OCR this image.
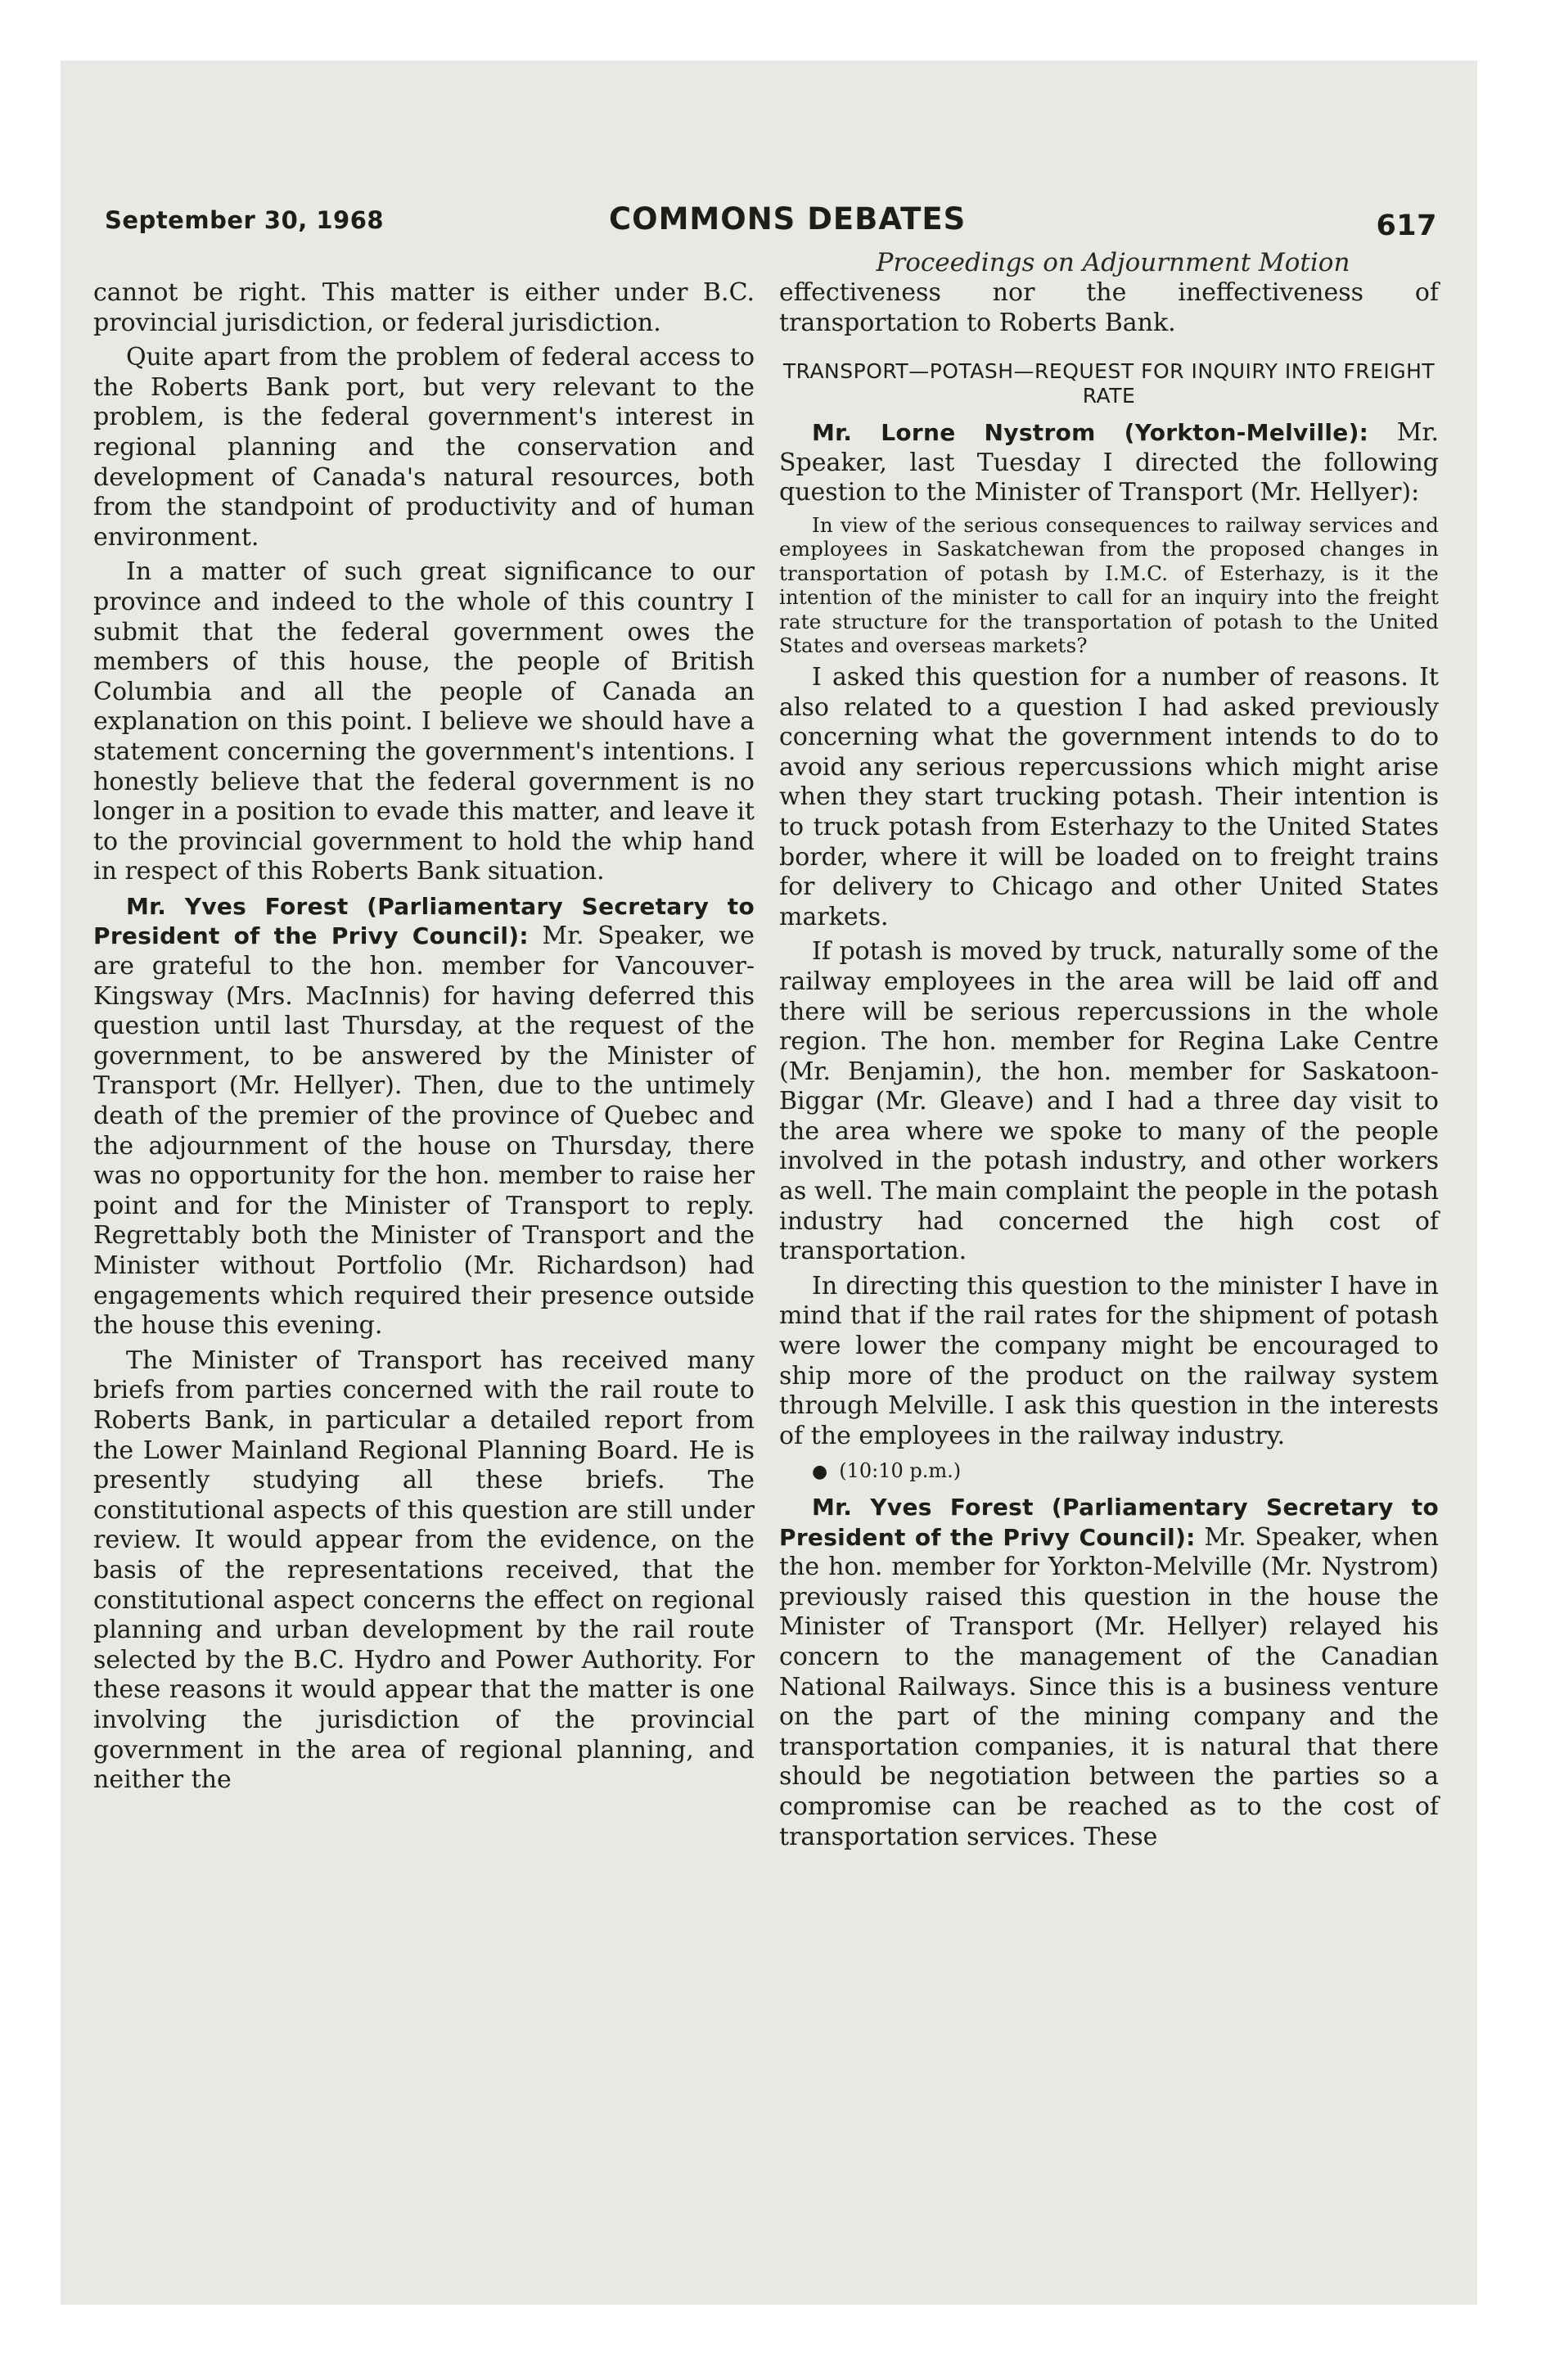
September 30, 1968	COMMONS DEBATES	617
Proceedings on Adjournment Motion

cannot be right. This matter is either under B.C. provincial jurisdiction, or federal jurisdiction.

Quite apart from the problem of federal access to the Roberts Bank port, but very relevant to the problem, is the federal government's interest in regional planning and the conservation and development of Canada's natural resources, both from the standpoint of productivity and of human environment.

In a matter of such great significance to our province and indeed to the whole of this country I submit that the federal government owes the members of this house, the people of British Columbia and all the people of Canada an explanation on this point. I believe we should have a statement concerning the government's intentions. I honestly believe that the federal government is no longer in a position to evade this matter, and leave it to the provincial government to hold the whip hand in respect of this Roberts Bank situation.

Mr. Yves Forest (Parliamentary Secretary to President of the Privy Council): Mr. Speaker, we are grateful to the hon. member for Vancouver-Kingsway (Mrs. MacInnis) for having deferred this question until last Thursday, at the request of the government, to be answered by the Minister of Transport (Mr. Hellyer). Then, due to the untimely death of the premier of the province of Quebec and the adjournment of the house on Thursday, there was no opportunity for the hon. member to raise her point and for the Minister of Transport to reply. Regrettably both the Minister of Transport and the Minister without Portfolio (Mr. Richardson) had engagements which required their presence outside the house this evening.

The Minister of Transport has received many briefs from parties concerned with the rail route to Roberts Bank, in particular a detailed report from the Lower Mainland Regional Planning Board. He is presently studying all these briefs. The constitutional aspects of this question are still under review. It would appear from the evidence, on the basis of the representations received, that the constitutional aspect concerns the effect on regional planning and urban development by the rail route selected by the B.C. Hydro and Power Authority. For these reasons it would appear that the matter is one involving the jurisdiction of the provincial government in the area of regional planning, and neither the

effectiveness nor the ineffectiveness of transportation to Roberts Bank.

TRANSPORT—POTASH—REQUEST FOR INQUIRY INTO FREIGHT RATE

Mr. Lorne Nystrom (Yorkton-Melville): Mr. Speaker, last Tuesday I directed the following question to the Minister of Transport (Mr. Hellyer):

In view of the serious consequences to railway services and employees in Saskatchewan from the proposed changes in transportation of potash by I.M.C. of Esterhazy, is it the intention of the minister to call for an inquiry into the freight rate structure for the transportation of potash to the United States and overseas markets?

I asked this question for a number of reasons. It also related to a question I had asked previously concerning what the government intends to do to avoid any serious repercussions which might arise when they start trucking potash. Their intention is to truck potash from Esterhazy to the United States border, where it will be loaded on to freight trains for delivery to Chicago and other United States markets.

If potash is moved by truck, naturally some of the railway employees in the area will be laid off and there will be serious repercussions in the whole region. The hon. member for Regina Lake Centre (Mr. Benjamin), the hon. member for Saskatoon-Biggar (Mr. Gleave) and I had a three day visit to the area where we spoke to many of the people involved in the potash industry, and other workers as well. The main complaint the people in the potash industry had concerned the high cost of transportation.

In directing this question to the minister I have in mind that if the rail rates for the shipment of potash were lower the company might be encouraged to ship more of the product on the railway system through Melville. I ask this question in the interests of the employees in the railway industry.

● (10:10 p.m.)

Mr. Yves Forest (Parliamentary Secretary to President of the Privy Council): Mr. Speaker, when the hon. member for Yorkton-Melville (Mr. Nystrom) previously raised this question in the house the Minister of Transport (Mr. Hellyer) relayed his concern to the management of the Canadian National Railways. Since this is a business venture on the part of the mining company and the transportation companies, it is natural that there should be negotiation between the parties so a compromise can be reached as to the cost of transportation services. These
